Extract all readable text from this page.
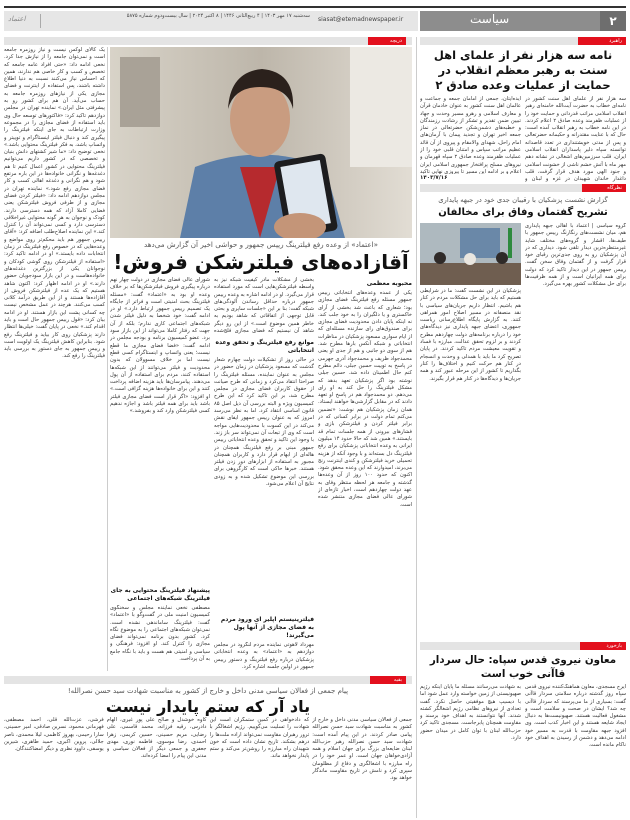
اعتماد	سه‌شنبه ۱۷ مهر ۱۴۰۳ | ۴ ربیع‌الثانی ۱۴۴۶ | ۸ اکتبر ۲۰۲۴ | سال بیست‌ودوم شماره ۵۸۷۵ siasat@etemadnewspaper.ir	سیاست	۲
دریچه
یک کالای لوکس نیست و نیاز روزمره جامعه است و نمی‌توان جامعه را از نیازش جدا کرد. نخعی ادامه داد: «حتی افراد عامه جامعه که تخصص و کسب و کار خاصی هم ندارند، همین که احساس نیاز می‌کنند نسبت به دنیا اطلاع داشته باشند، پس استفاده از اینترنت و فضای مجازی یکی از نیازهای روزمره جامعه به حساب می‌آید. آن هم برای کشور رو به پیشرفتی مثل ایران.» نماینده تهران در مجلس دوازدهم تاکید کرد: «فاکتورهای توسعه حال وی باید استفاده از فضای مجازی را در مجموعه وزارت ارتباطات به جای اینکه فیلترینگ را پیگیری کند و دنبال فیلتر اینستاگرام و توییتر و واتساپ باشد، به فکر فیلترینگ محتوایی باشد.» نخعی توضیح داد: «ما شیر کشتهای دانش بنیان و تخصصی که در کشور داریم می‌توانیم فیلترینگ محتوایی در کشور اعمال کنیم تا هم دغدغه‌ها و نگرانی خانواده‌ها در این باره مرتفع شود و هم نگرانی و دغدغه اهالی کسب و کار فضای مجازی رفع شود.» نماینده تهران در مجلس دوازدهم ادامه داد: «فیلتر کردن فضای مجازی و از طرفی فروش فیلترشکن یعنی فضایی کاملا آزاد که همه دسترسی دارند. کودک و نوجوان به هر گونه محتوایی غیراخلاقی دسترسی دارد و کسی نمی‌تواند آن را کنترل کند.» این نماینده اصلاح‌طلب اضافه کرد: «آقای رییس جمهور هم باید محکم‌تر روی مواضع و وعده‌هایی که در خصوص رفع فیلترینگ در زمان انتخابات داده بایستد.» او در ادامه تاکید کرد: «استفاده از فیلترشکن روی گوشی کودکان و نوجوانان یکی از بزرگترین دغدغه‌های خانواده‌هاست و در این بازار سودجویان حضور دارند.» او در ادامه اظهار کرد: اکنون شاهد هستیم که یک عده از فیلترشکن فروش از آقازاده‌ها هستند و از این طریق درآمد کلانی کسب می‌کنند. هرچند در عمل مشخص نیست چه کسانی پشت این بازار هستند. او در ادامه بیان کرد: «قول رییس جمهور حال است و باید اقدام کند.» نخعی در پایان گفت: خیلی‌ها انتظار دارند پزشکیان روی کار بیاید و فیلترینگ رفع شود. بنابراین کاهش فیلترینگ یک اولویت است و رییس جمهور به جای دستور به بررسی باید فیلترینگ را رفع کند.
«اعتماد» از وعده رفع فیلترینگ رییس جمهور و حواشی اخیر آن گزارش می‌دهد
آقازاده‌های فیلترشکن فروش!
محبوبه معظمی
یکی از عمده وعده‌های انتخاباتی رییس جمهور مسئله رفع فیلترینگ فضای مجازی بود؛ شعاری که باعث شد بخشی از آرای خاکستری و یا دلگیران را به خود جلب کند. نه اینکه پایان دادن محدودیت فضای مجازی برای صندوق‌های رای سازنده مسئله‌ای که از ایام سواری مسعود پزشکیان در مناظرات انتخاباتی و شبکه آنکس بارها مطرح شد. هم از سوی دو جانبی و هم از جدی او یعنی محمدجواد ظریف و محمدجواد آذری جهرمی در پاسخ به توییت حسین جبلی، دائم مطرح کنم حال اطمینان داده شد. حسین جبلی نوشته بود اگر پزشکیان تعهد بدهد که مشکل فیلترینگ را حل کند به او رای می‌دهم. دو محمدجواد هم در پاسخ او تعهد دادند که در مقابل گزارشی‌ها خواهند ایستاد. همان زمان پزشکیان هم نوشت: «تضمین می‌کنم تمام دولت در برابر کسانی که در برابر فیلتر کردن و فیلترشکن بازی و فشارهای بیرونی از همه جلسات تمام قد بایستند.» همین شد که حالا حدود ۱۴ میلیون ایرانی به وعده انتخاباتی پزشکیان برای رفع فیلترینگ دل بسته‌اند و با وجود آنکه از هزینه تحمیلی خرید فیلترشکن و کندی اینترنت رنج می‌برند، امیدوارند که این وعده محقق شود. اکنون که حدود ۱۰۰ روز از آن وعده‌ها گذشته و جامعه هر لحظه منتظر وفای به عهد دولت چهاردهم است، اخبار تازه‌ای از شورای عالی فضای مجازی منتشر شده است.
بخشی از مشکلات مادر کیفیت شبکه نیز به واسطه فیلترشکن‌هایی است که مورد استفاده قرار می‌گیرد. او در ادامه اشاره به وعده رییس جمهور درباره حداقل رساندن آلودگی‌های شبکه گفت: بنا بر این «جلسات ساپری و بحثی قابل توجهی از اتفاقاتی که شاهد بودیم به خاطر همین موضوع است.» از این رو دیگر شاهد آن نیستیم که فضای مجازی فلج‌شده
موانع رفع فیلترینگ و تحقق وعده انتخاباتی
در حالی روز از تشکیلات دولت چهارم شعار گذشت که مسعود پزشکیان در زمان حضور در مجلس به عنوان نماینده، مسئله فیلترینگ را صراحتا انتقاد می‌کرد و زمانی که طرح صیانت از حقوق کاربران فضای مجازی در مجلس مطرح شد، بر این تاکید کرد که این طرح کمیسیون ویژه و البته بررسی آن ذیل اصل ۸۵ قانون اساسی انتقاد کرد. اما به نظر می‌رسد امروز که به عنوان رییس جمهور ایفای نقش می‌کند در این کسوت با محدودیت‌هایی مواجه است که وی از تبعات آن نمی‌تواند سر باز زند. با وجود این تاکید و تحقق وعده انتخاباتی رییس جمهور مبنی بر رفع فیلترینگ همچنان در هاله‌ای از ابهام قرار دارد و کاربران همچنان مجبور به استفاده از ابزارهای دور زدن فیلتر هستند. خبرها حاکی است که کارگروهی برای بررسی این موضوع تشکیل شده و به زودی نتایج آن اعلام می‌شود.
فیلترینیستم اپلیر ای ورود مردم به فضای مجازی از آنها پول می‌گیرند!
مهرداد لاهوتی نماینده مردم لنگرود در مجلس دوازدهم به «اعتماد» به وعده انتخاباتی پزشکیان درباره رفع فیلترینگ و دستور رییس جمهور در اولین جلسه اشاره کرد.
شورای عالی فضای مجازی در دولت چهار نهم درباره پیگیری فروش فیلترشکن‌ها که بر خلاف وعده او بود به «اعتماد» گفت: «مسئله فیلترینگ بحث امنیتی است و فراتر از جایگاه یک تصمیم رییس جمهور ارتباط دارد.» او در ادامه گفت: خود شخصا به دلیل فیلتر شدن شبکه‌های اجتماعی کاری ندارم؛ بلکه از آن جهت که رفتار کاملا می‌تواند از این بازار سود برد. عضو کمیسیون برنامه و بودجه مجلس در ادامه گفت: «فضا فضای مجازی ما قطع نیست؛ یعنی واتساپ و اینستاگرام کسی قطع نیست اما بر خلاف مسوولان که بدون محدودیت و فیلتر می‌توانند از این شبکه‌ها استفاده کنند، مردم برای استفاده از آن پول می‌دهند. پیامرسان‌ها باید هزینه اضافه پرداخت کنند و این برای خانواده‌ها هزینه گزافی است.» او افزود: «اگر قرار است فضای مجازی فیلتر باشد باید برای همه فیلتر باشد و اجازه ندهیم کسی فیلترشکن وارد کند و بفروشد.»
پیشنهاد فیلترینگ محتوایی به جای فیلترینگ شبکه‌های اجتماعی
مصطفی نخعی نماینده مجلس و سخنگوی کمیسیون امنیت ملی در گفت‌وگو با «اعتماد» گفت: فیلترینگ ساماندهی نشده است. نمی‌توان شبکه‌های اجتماعی را به موضوع نگاه کرد. کشور بدون برنامه نمی‌تواند فضای مجازی را کنترل کند. او افزود: فرهنگی و سیاسی و امنیتی هم هست و باید با نگاه جامع به آن پرداخت.
بقیه
پیام جمعی از فعالان سیاسی مدنی داخل و خارج از کشور به مناسبت شهادت سید حسن نصرالله!
یاد آر که ستم پایدار نیست
جمعی از فعالان سیاسی مدنی داخل و خارج از کشور به مناسبت شهادت سید حسن نصرالله پیامی صادر کردند. در این پیام آمده است: شهادت سید حسن نصرالله رهبر حزب‌الله لبنان ضایعه‌ای بزرگ برای جهان اسلام و همه آزادی‌خواهان جهان است. او عمر خود را در راه مبارزه با اشغالگری و دفاع از مظلومان سپری کرد و نامش در تاریخ مقاومت ماندگار خواهد بود.
که دادخواهی در کمین ستمگران است این شهادت را تسلیت می‌گوییم. رژیم اشغالگر با ترور رهبران مقاومت نمی‌تواند اراده ملت‌ها را درهم بشکند. تاریخ نشان داده است که خون شهیدان راه مبارزه را روشن‌تر می‌کند و ستم پایدار نخواهد ماند.
کاوه خوشدل و صالح علی پور غیری، الهام دادرس، رقیه فرزانه، محمد قاسمی، علی رضایی، مریم حسینی، حسین کریمی، زهرا احمدی، رضا موسوی، فاطمه نوری، مهدی جعفری و جمعی دیگر از فعالان سیاسی و مدنی این پیام را امضا کرده‌اند.
فرشی، عزت‌الله قلی، احمد مصطفی، فهرمانی محمود، نسرین صادقی، امیر حسینی، سارا رحیمی، بهروز کاظمی، لیلا محمدی، ناصر جلالی، پروین اکبری، حمید طاهری، شیرین یوسفی، داوود نظری و دیگر امضاکنندگان.
راهبرد
نامه سه هزار نفر از علمای اهل سنت به رهبر معظم انقلاب در حمایت از عملیات وعده صادق ۲
سه هزار نفر از علمای اهل سنت کشور در نامه‌ای خطاب به حضرت آیت‌الله خامنه‌ای رهبر انقلاب اسلامی مراتب قدردانی و حمایت خود را از عملیات ظفرمند وعده صادق ۲ اعلام کردند. در این نامه خطاب به رهبر انقلاب آمده است: حال که با عنایت مقتدرانه و حکیمانه حضرتعالی و پس از مدتی خویشتنداری در تعدد قاصدانه توانسته سپاه دلیر پاسداران انقلاب اسلامی ایران، قلب سرزمین‌های اشغالی در نشانه دهم مهر ماه با آتش خشم ناشی از خشونت اسلامی و جنود الهی مورد هدف قرار گرفت، قلب داغدار خاندان شهیدان در غزه و لبنان و
ایذه‌ایتان، جمعی از امامان جمعه و جماعت و عالمان اهل سنت کشور به عنوان خادمان قرآن و معارف اسلامی و رهرو مسیر وحدت و جهاد تبیین ضمن تقدیر و تشکر از رشادت رزمندگان و خطبه‌های دشمن‌شکن حضرتعالی در نماز جمعه اخیر تهران و تجدید پیمان با آرمان‌های امام راحل، شهدای والامقام و پیروی از آن قائد عظیم مراتب سپاس و امتنان قلبی خود را از عملیات ظفرمند وعده صادق ۲ سپاه قهرمان و نیروهای مسلح پرافتخار جمهوری اسلامی ایران اعلام و بر ادامه این مسیر تا پیروزی نهایی تاکید
۱۴۰۳/۷/۱۶
نظرگاه
گزارش نشست پزشکیان با رقیبان جدی خود در جبهه پایداری
تشریح گفتمان وفاق برای مخالفان
گروه سیاسی | اعتماد با اهالی جبهه پایداری هم، میان نشست‌های رنگارنگ رییس جمهور با طیف‌ها، اقشار و گروه‌های مختلف شاید غیرمنتظره‌ترین دیدار تلقی شود. دیداری که در آن پزشکیان رو به روی جدی‌ترین رقبای خود قرار گرفت و از گفتمان وفاق سخن گفت. رییس جمهور در این دیدار تاکید کرد که دولت برای همه ایرانیان است و از همه ظرفیت‌ها برای حل مشکلات کشور بهره می‌گیرد.
پزشکیان در این نشست گفت: ما در شرایطی هستیم که باید برای حل مشکلات مردم در کنار هم باشیم. انتظار داریم جریان‌های سیاسی با نقد منصفانه در مسیر اصلاح امور همراهی کنند. به گزارش پایگاه اطلاع‌رسانی ریاست جمهوری، اعضای جبهه پایداری نیز دیدگاه‌های خود را درباره برنامه‌های دولت چهاردهم مطرح کردند و بر لزوم تحقق عدالت، مبارزه با فساد و تقویت معیشت مردم تاکید کردند. در پایان تصریح کرد ما باید با همدلی و وحدت و انسجام در کنار هم حرکت کنیم و اختلاف‌ها را کنار بگذاریم تا کشور از این مرحله عبور کند و همه جریان‌ها و دیدگاه‌ها در کنار هم قرار بگیرند.
بازخورد
معاون نیروی قدس سپاه: حال سردار قاآنی خوب است
ایرج مسجدی، معاون هماهنگ‌کننده نیروی قدس سپاه روز گذشته درباره سلامتی سردار قاآنی گفت: بسیاری از ما می‌پرسند که سردار قاآنی چه شد؟ ایشان در صحت و سلامت است و مشغول فعالیت هستند. صهیونیست‌ها به دنبال ایجاد شایعه هستند و این اخبار کذب است. وی افزود جبهه مقاومت با قدرت به مسیر خود ادامه می‌دهد و دشمن از رسیدن به اهداف خود ناکام مانده است.
به شهادت می‌رسانند مسئله ما پایان اینکه رژیم صهیونیستی از زمین خواسته وارد عمل شود اما با دیسیپ هیچ موفقیتی حاصل نکرد. گفت تعدادی از نیروهای نظامی رژیم اشغالگر کشته شدند. آنها نتوانستند به اهداف خود برسند و مقاومت همچنان پابرجاست. مسجدی تاکید کرد حزب‌الله لبنان با توان کامل در میدان حضور دارد.
